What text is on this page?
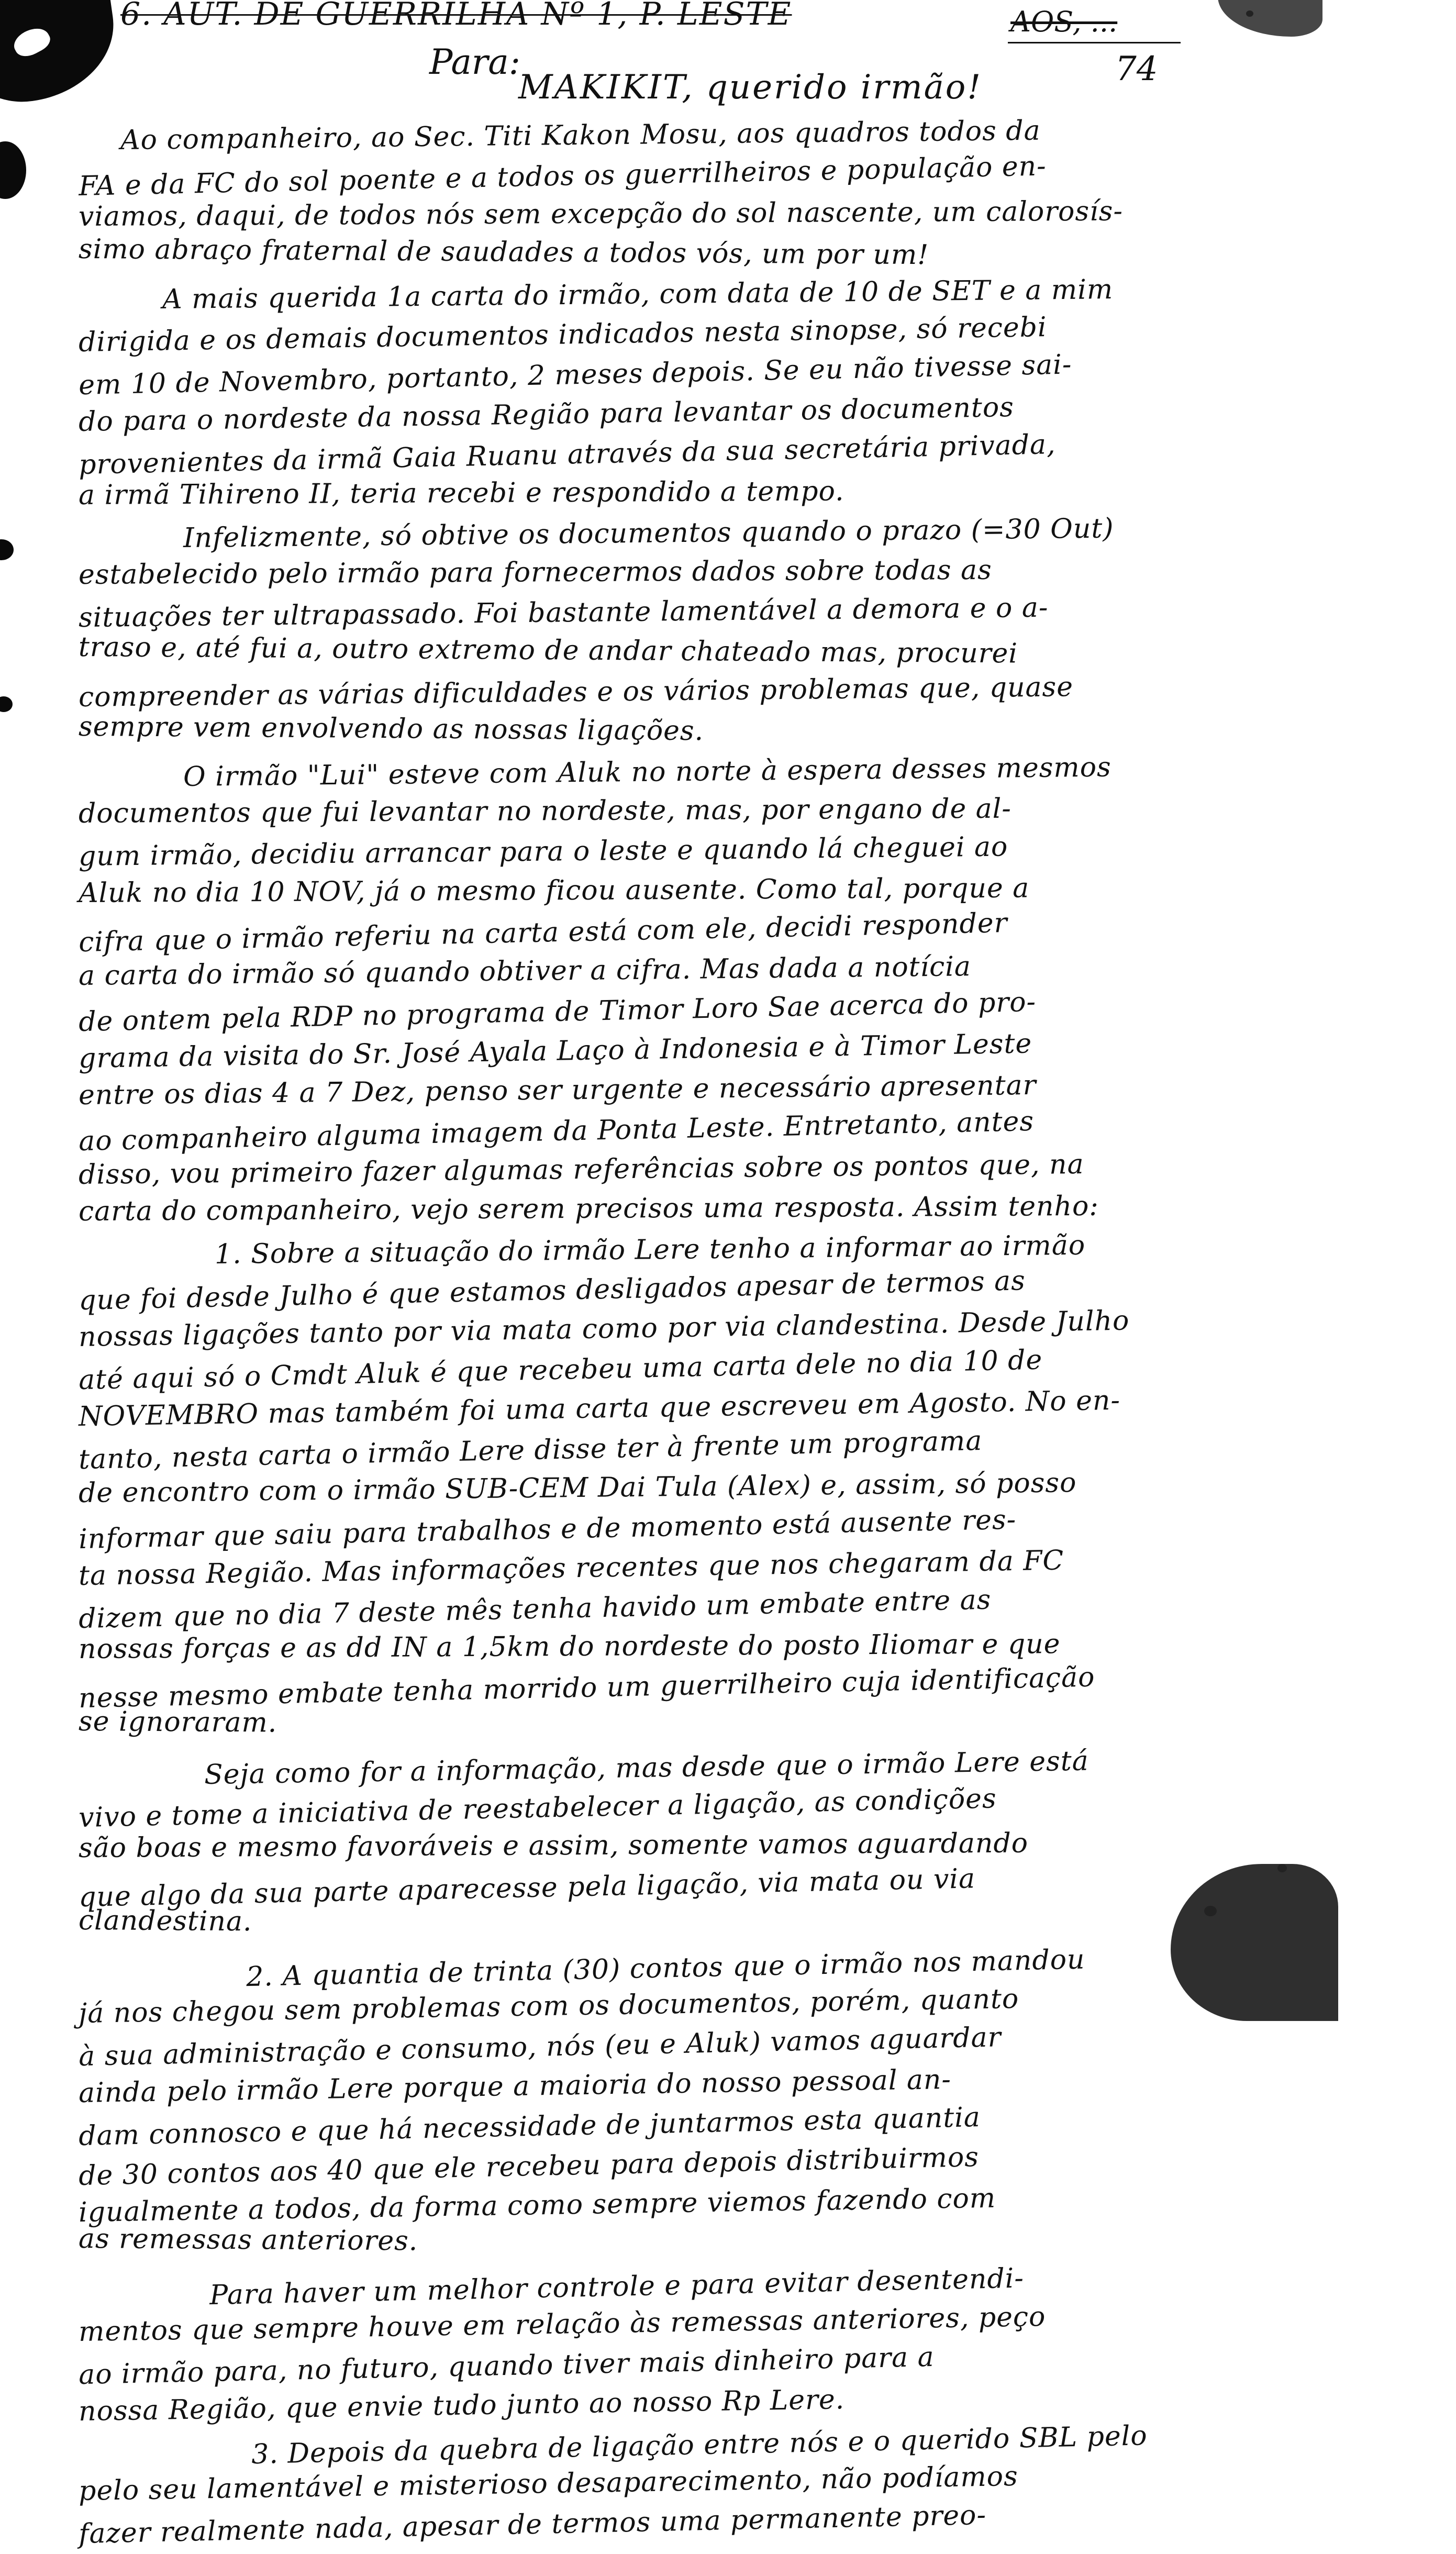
6. AUT. DE GUERRILHA Nº 1, P. LESTE	AOS, ...
74
Para:
MAKIKIT, querido irmão!
Ao companheiro, ao Sec. Titi Kakon Mosu, aos quadros todos da
FA e da FC do sol poente e a todos os guerrilheiros e população en-
viamos, daqui, de todos nós sem excepção do sol nascente, um calorosís-
simo abraço fraternal de saudades a todos vós, um por um!
A mais querida 1a carta do irmão, com data de 10 de SET e a mim
dirigida e os demais documentos indicados nesta sinopse, só recebi
em 10 de Novembro, portanto, 2 meses depois. Se eu não tivesse sai-
do para o nordeste da nossa Região para levantar os documentos
provenientes da irmã Gaia Ruanu através da sua secretária privada,
a irmã Tihireno II, teria recebi e respondido a tempo.
Infelizmente, só obtive os documentos quando o prazo (=30 Out)
estabelecido pelo irmão para fornecermos dados sobre todas as
situações ter ultrapassado. Foi bastante lamentável a demora e o a-
traso e, até fui a, outro extremo de andar chateado mas, procurei
compreender as várias dificuldades e os vários problemas que, quase
sempre vem envolvendo as nossas ligações.
O irmão "Lui" esteve com Aluk no norte à espera desses mesmos
documentos que fui levantar no nordeste, mas, por engano de al-
gum irmão, decidiu arrancar para o leste e quando lá cheguei ao
Aluk no dia 10 NOV, já o mesmo ficou ausente. Como tal, porque a
cifra que o irmão referiu na carta está com ele, decidi responder
a carta do irmão só quando obtiver a cifra. Mas dada a notícia
de ontem pela RDP no programa de Timor Loro Sae acerca do pro-
grama da visita do Sr. José Ayala Laço à Indonesia e à Timor Leste
entre os dias 4 a 7 Dez, penso ser urgente e necessário apresentar
ao companheiro alguma imagem da Ponta Leste. Entretanto, antes
disso, vou primeiro fazer algumas referências sobre os pontos que, na
carta do companheiro, vejo serem precisos uma resposta. Assim tenho:
1. Sobre a situação do irmão Lere tenho a informar ao irmão
que foi desde Julho é que estamos desligados apesar de termos as
nossas ligações tanto por via mata como por via clandestina. Desde Julho
até aqui só o Cmdt Aluk é que recebeu uma carta dele no dia 10 de
NOVEMBRO mas também foi uma carta que escreveu em Agosto. No en-
tanto, nesta carta o irmão Lere disse ter à frente um programa
de encontro com o irmão SUB-CEM Dai Tula (Alex) e, assim, só posso
informar que saiu para trabalhos e de momento está ausente res-
ta nossa Região. Mas informações recentes que nos chegaram da FC
dizem que no dia 7 deste mês tenha havido um embate entre as
nossas forças e as dd IN a 1,5km do nordeste do posto Iliomar e que
nesse mesmo embate tenha morrido um guerrilheiro cuja identificação
se ignoraram.
Seja como for a informação, mas desde que o irmão Lere está
vivo e tome a iniciativa de reestabelecer a ligação, as condições
são boas e mesmo favoráveis e assim, somente vamos aguardando
que algo da sua parte aparecesse pela ligação, via mata ou via
clandestina.
2. A quantia de trinta (30) contos que o irmão nos mandou
já nos chegou sem problemas com os documentos, porém, quanto
à sua administração e consumo, nós (eu e Aluk) vamos aguardar
ainda pelo irmão Lere porque a maioria do nosso pessoal an-
dam connosco e que há necessidade de juntarmos esta quantia
de 30 contos aos 40 que ele recebeu para depois distribuirmos
igualmente a todos, da forma como sempre viemos fazendo com
as remessas anteriores.
Para haver um melhor controle e para evitar desentendi-
mentos que sempre houve em relação às remessas anteriores, peço
ao irmão para, no futuro, quando tiver mais dinheiro para a
nossa Região, que envie tudo junto ao nosso Rp Lere.
3. Depois da quebra de ligação entre nós e o querido SBL pelo
pelo seu lamentável e misterioso desaparecimento, não podíamos
fazer realmente nada, apesar de termos uma permanente preo-
